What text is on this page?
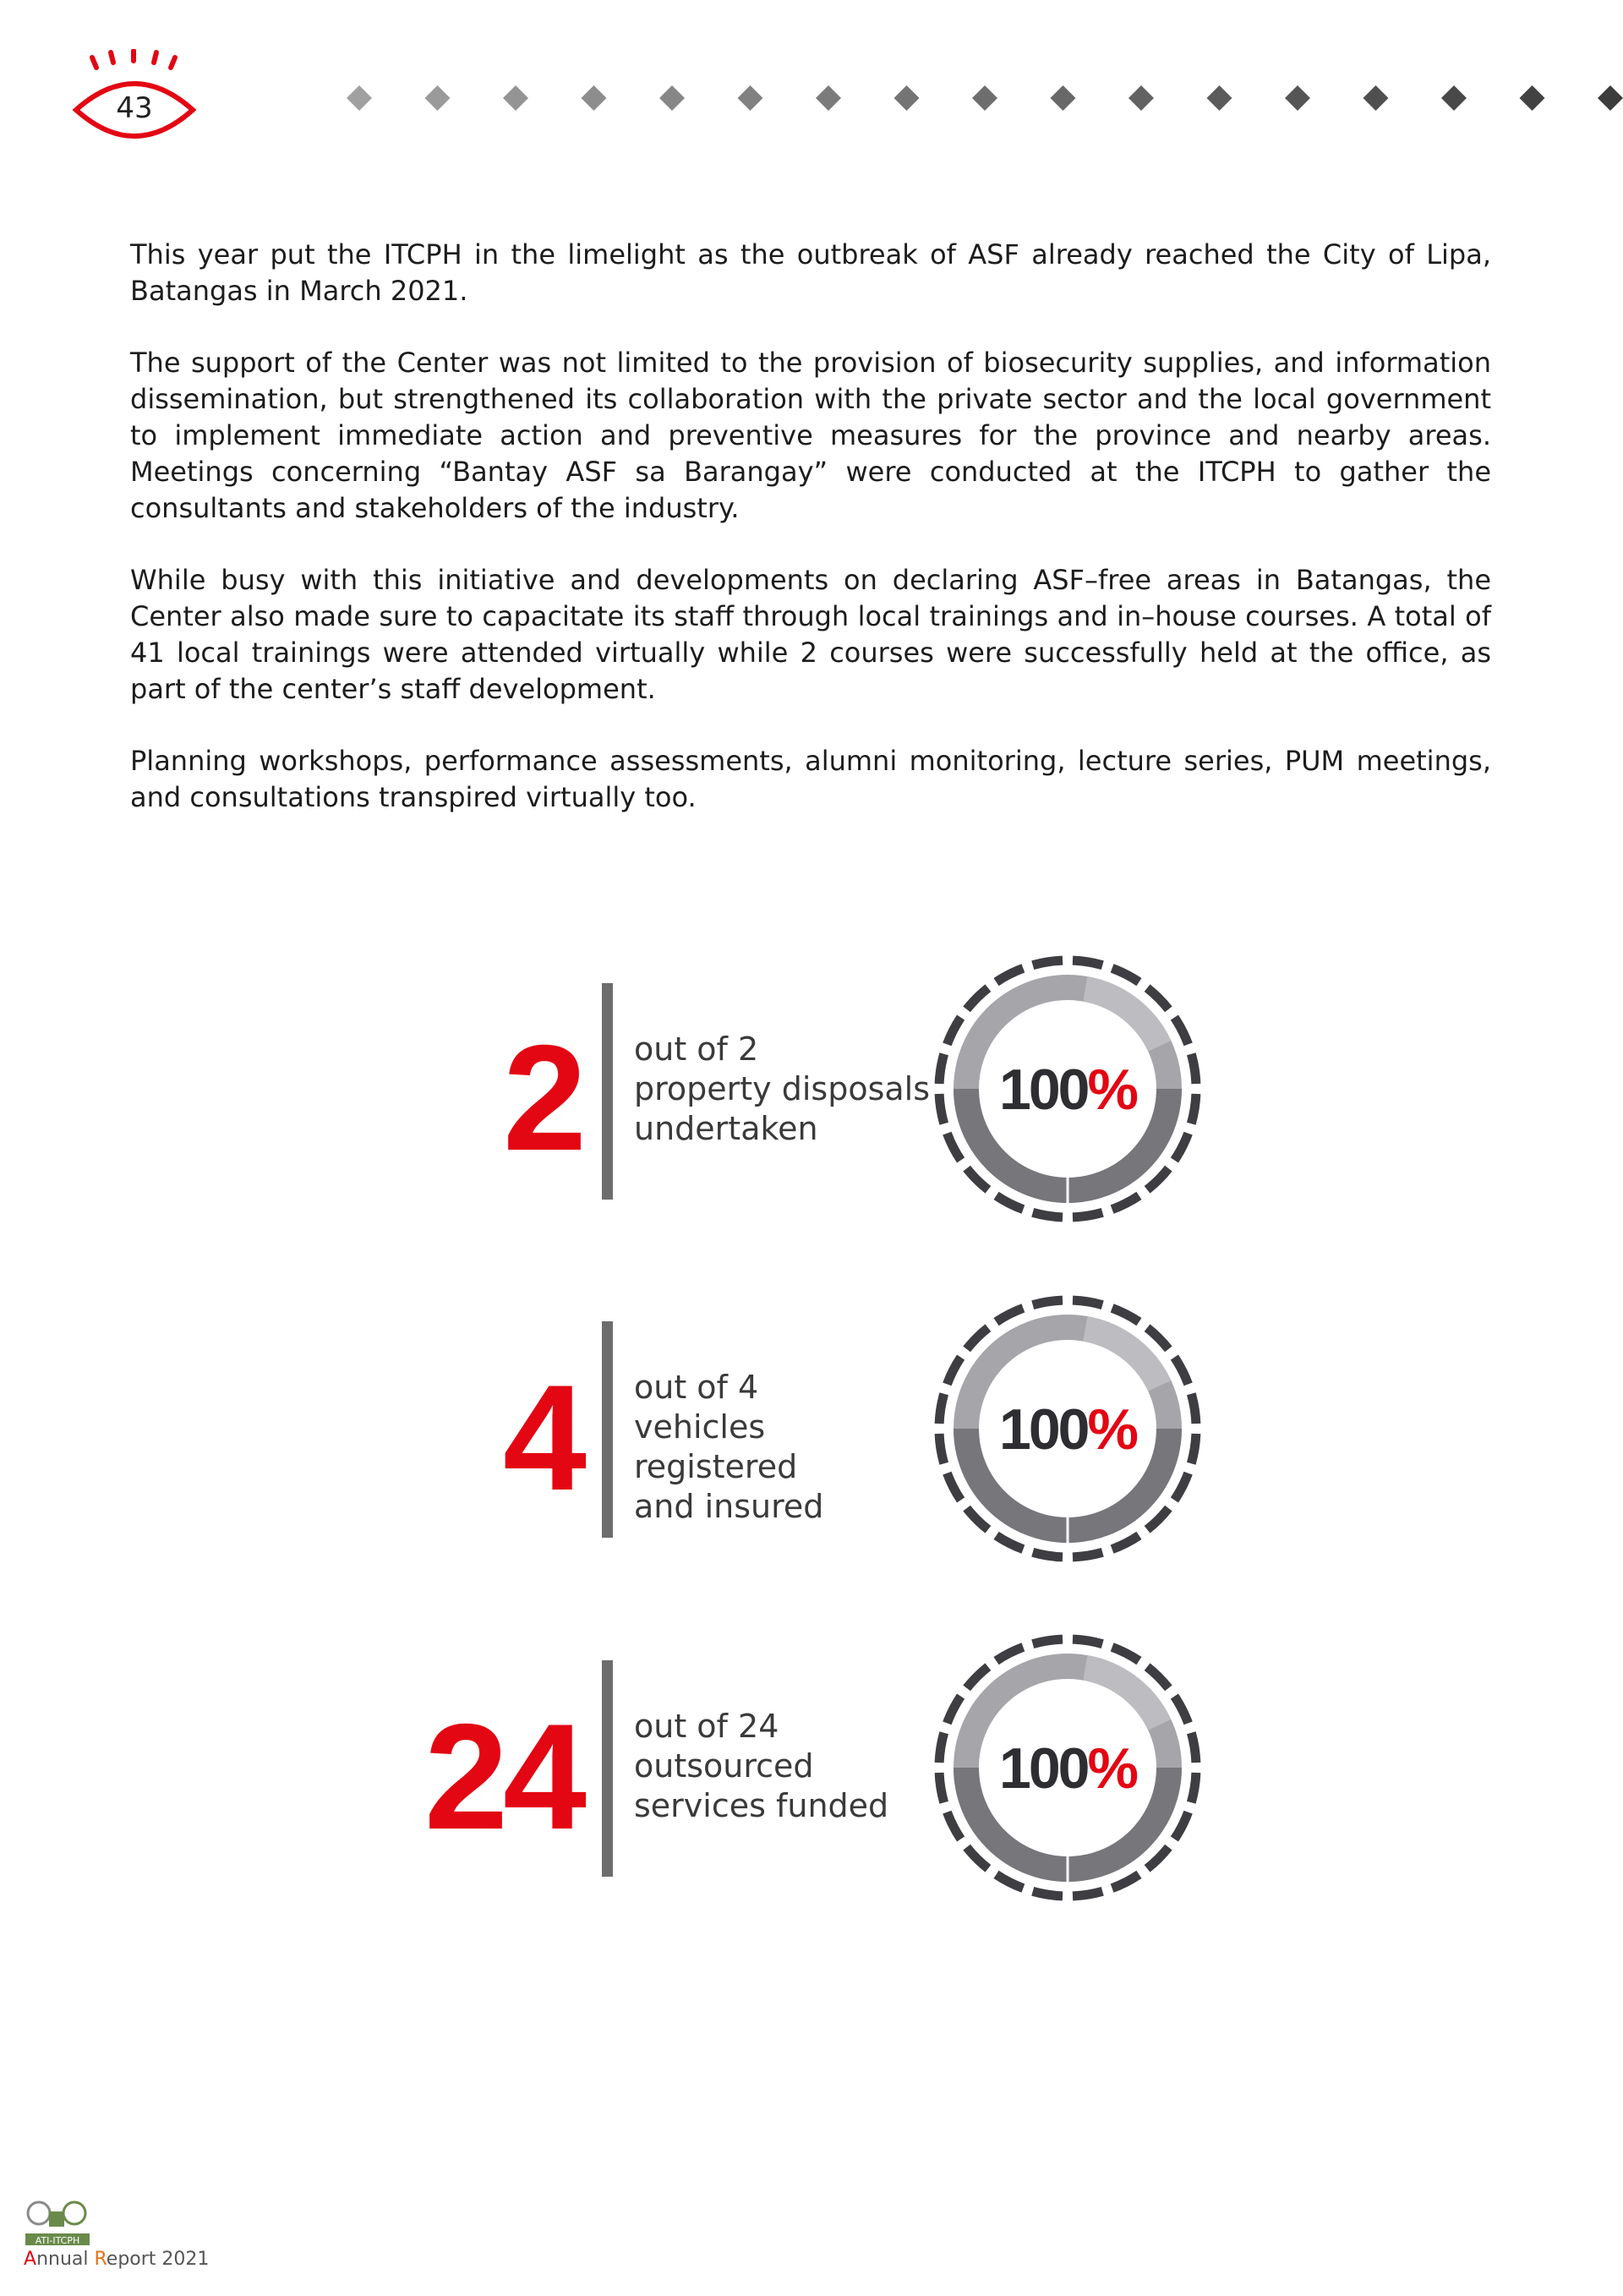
43

This year put the ITCPH in the limelight as the outbreak of ASF already reached the City of Lipa, Batangas in March 2021.

The support of the Center was not limited to the provision of biosecurity supplies, and information dissemination, but strengthened its collaboration with the private sector and the local government to implement immediate action and preventive measures for the province and nearby areas. Meetings concerning “Bantay ASF sa Barangay” were conducted at the ITCPH to gather the consultants and stakeholders of the industry.

While busy with this initiative and developments on declaring ASF–free areas in Batangas, the Center also made sure to capacitate its staff through local trainings and in–house courses. A total of 41 local trainings were attended virtually while 2 courses were successfully held at the office, as part of the center’s staff development.

Planning workshops, performance assessments, alumni monitoring, lecture series, PUM meetings, and consultations transpired virtually too.

2 out of 2
property disposals
undertaken
100%
4 out of 4
vehicles registered
and insured
100%
24 out of 24
outsourced
services funded
100%
ATI-ITCPH
Annual Report 2021
